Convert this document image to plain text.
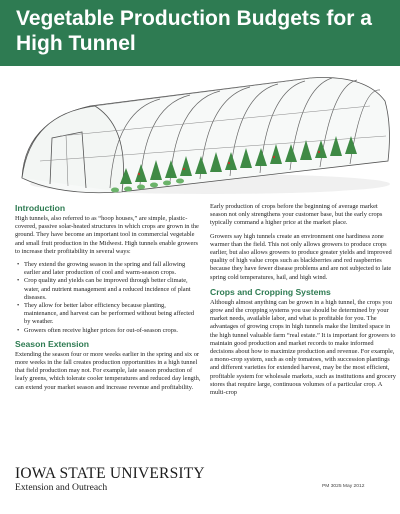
Vegetable Production Budgets for a High Tunnel
Introduction

High tunnels, also referred to as “hoop houses,” are simple, plastic-covered, passive solar-heated structures in which crops are grown in the ground. They have become an important tool in commercial vegetable and small fruit production in the Midwest. High tunnels enable growers to increase their profitability in several ways:

• They extend the growing season in the spring and fall allowing earlier and later production of cool and warm-season crops.
• Crop quality and yields can be improved through better climate, water, and nutrient management and a reduced incidence of plant diseases.
• They allow for better labor efficiency because planting, maintenance, and harvest can be performed without being affected by weather.
• Growers often receive higher prices for out-of-season crops.
Season Extension

Extending the season four or more weeks earlier in the spring and six or more weeks in the fall creates production opportunities in a high tunnel that field production may not. For example, late season production of leafy greens, which tolerate cooler temperatures and reduced day length, can extend your market season and increase revenue and profitability.

Early production of crops before the beginning of average market season not only strengthens your customer base, but the early crops typically command a higher price at the market place.

Growers say high tunnels create an environment one hardiness zone warmer than the field. This not only allows growers to produce crops earlier, but also allows growers to produce greater yields and improved quality of high value crops such as blackberries and red raspberries because they have fewer disease problems and are not subjected to late spring cold temperatures, hail, and high wind.

Crops and Cropping Systems

Although almost anything can be grown in a high tunnel, the crops you grow and the cropping systems you use should be determined by your market needs, available labor, and what is profitable for you. The advantages of growing crops in high tunnels make the limited space in the high tunnel valuable farm “real estate.” It is important for growers to maintain good production and market records to make informed decisions about how to maximize production and revenue. For example, a mono-crop system, such as only tomatoes, with succession plantings and different varieties for extended harvest, may be the most efficient, profitable system for wholesale markets, such as institutions and grocery stores that require large, continuous volumes of a particular crop. A multi-crop

IOWA STATE UNIVERSITY
Extension and Outreach	PM 3025 May 2012
